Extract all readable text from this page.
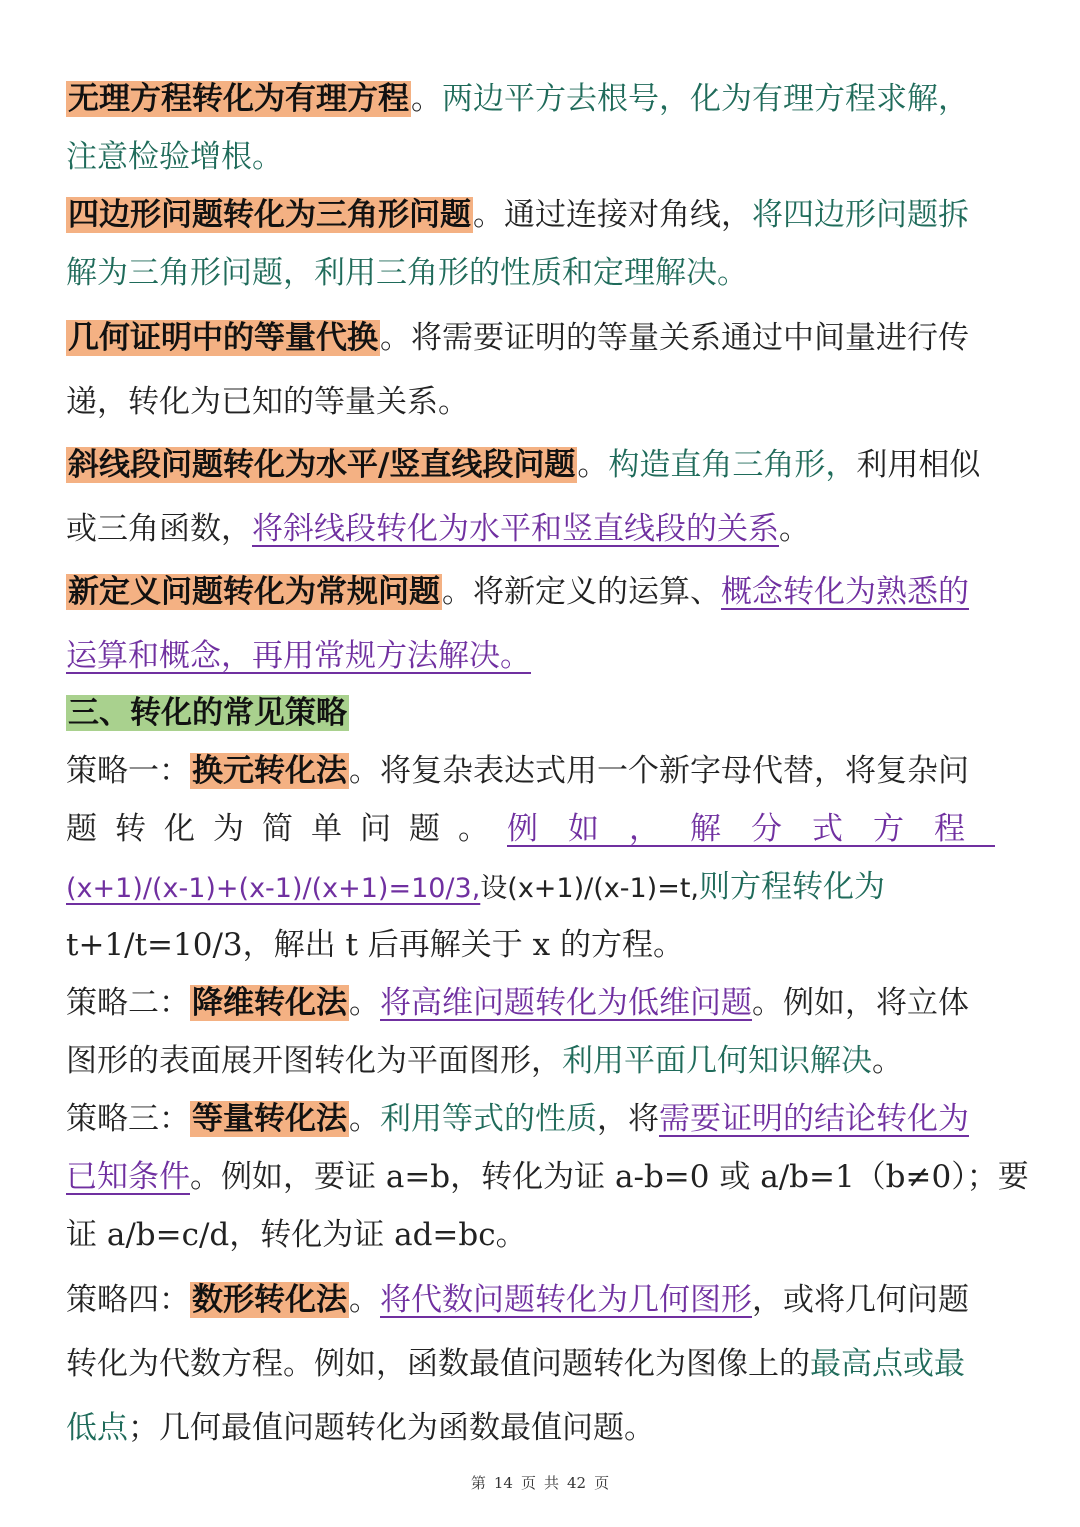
无理方程转化为有理方程。两边平方去根号，化为有理方程求解，
注意检验增根。
四边形问题转化为三角形问题。通过连接对角线，将四边形问题拆
解为三角形问题，利用三角形的性质和定理解决。
几何证明中的等量代换。将需要证明的等量关系通过中间量进行传
递，转化为已知的等量关系。
斜线段问题转化为水平/竖直线段问题。构造直角三角形，利用相似
或三角函数，将斜线段转化为水平和竖直线段的关系。
新定义问题转化为常规问题。将新定义的运算、概念转化为熟悉的
运算和概念，再用常规方法解决。
三、转化的常见策略
策略一：换元转化法。将复杂表达式用一个新字母代替，将复杂问
题转化为简单问题。例如，解分式方程
(x+1)/(x-1)+(x-1)/(x+1)=10/3,设(x+1)/(x-1)=t,则方程转化为
t+1/t=10/3，解出 t 后再解关于 x 的方程。
策略二：降维转化法。将高维问题转化为低维问题。例如，将立体
图形的表面展开图转化为平面图形，利用平面几何知识解决。
策略三：等量转化法。利用等式的性质，将需要证明的结论转化为
已知条件。例如，要证 a=b，转化为证 a-b=0 或 a/b=1（b≠0）；要
证 a/b=c/d，转化为证 ad=bc。
策略四：数形转化法。将代数问题转化为几何图形，或将几何问题
转化为代数方程。例如，函数最值问题转化为图像上的最高点或最
低点；几何最值问题转化为函数最值问题。
第 14 页 共 42 页
